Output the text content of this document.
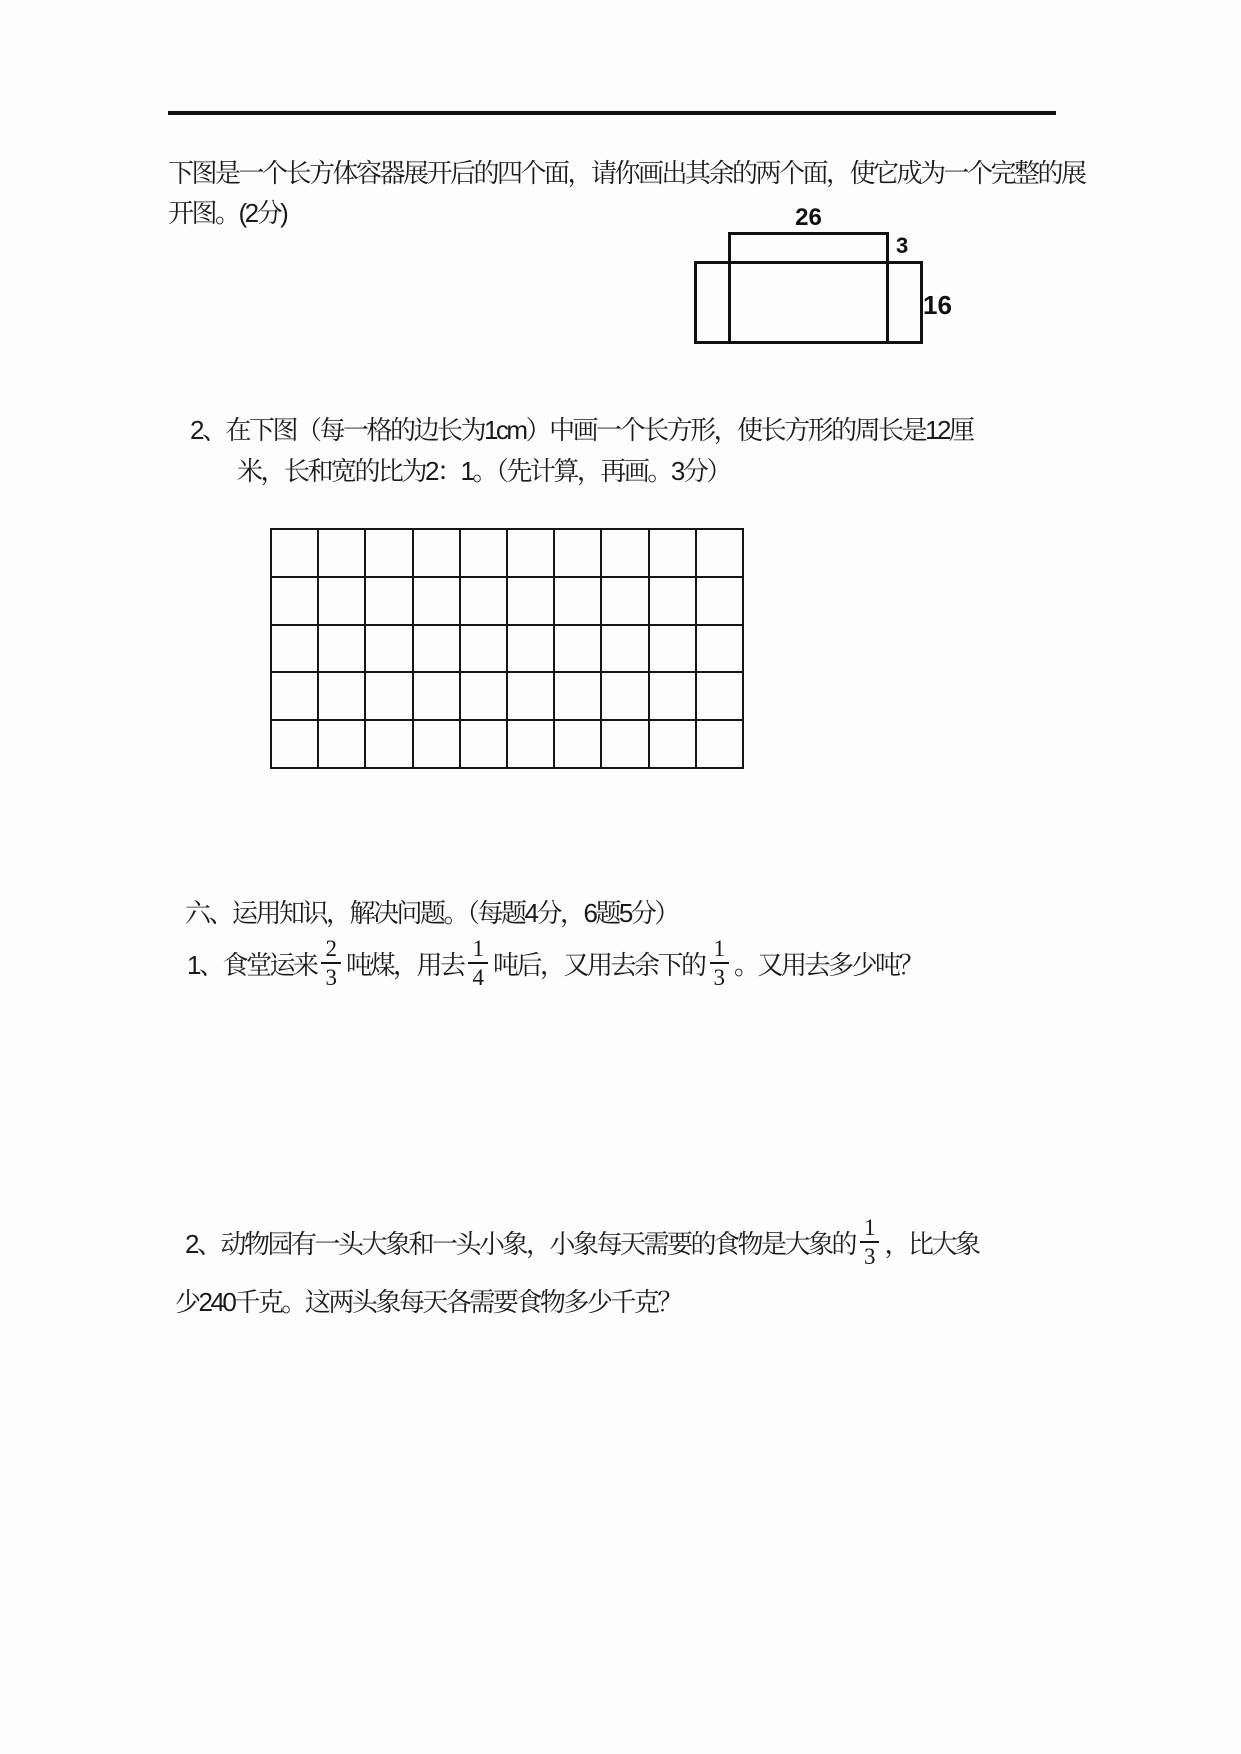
下图是一个长方体容器展开后的四个面，请你画出其余的两个面，使它成为一个完整的展
开图。(2分)	26
3
16
2、在下图（每一格的边长为1cm）中画一个长方形，使长方形的周长是12厘
米，长和宽的比为2：1。（先计算，再画。3分）
六、运用知识，解决问题。（每题4分，6题5分）
1、食堂运来 $\frac{2}{3}$ 吨煤，用去 $\frac{1}{4}$ 吨后，又用去余下的 $\frac{1}{3}$ 。又用去多少吨？
2、动物园有一头大象和一头小象，小象每天需要的食物是大象的 $\frac{1}{3}$ ，比大象
少240千克。这两头象每天各需要食物多少千克？
